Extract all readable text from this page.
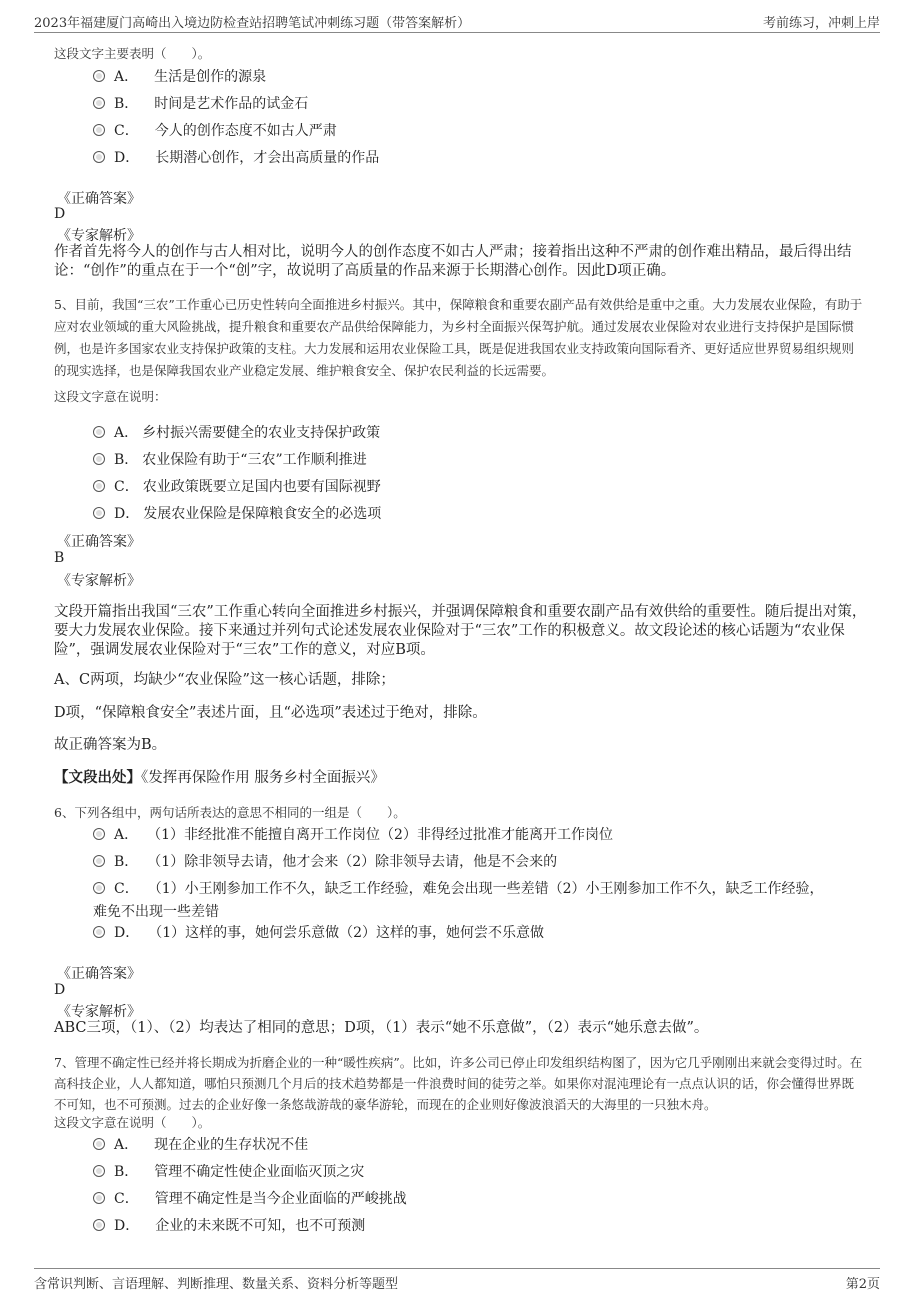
2023年福建厦门高崎出入境边防检查站招聘笔试冲刺练习题（带答案解析）	考前练习，冲刺上岸
这段文字主要表明（　　）。
A． 生活是创作的源泉
B． 时间是艺术作品的试金石
C． 今人的创作态度不如古人严肃
D． 长期潜心创作，才会出高质量的作品
《正确答案》
D
《专家解析》
作者首先将今人的创作与古人相对比，说明今人的创作态度不如古人严肃；接着指出这种不严肃的创作难出精品，最后得出结论：“创作”的重点在于一个“创”字，故说明了高质量的作品来源于长期潜心创作。因此D项正确。
5、目前，我国“三农”工作重心已历史性转向全面推进乡村振兴。其中，保障粮食和重要农副产品有效供给是重中之重。大力发展农业保险，有助于应对农业领域的重大风险挑战，提升粮食和重要农产品供给保障能力，为乡村全面振兴保驾护航。通过发展农业保险对农业进行支持保护是国际惯例，也是许多国家农业支持保护政策的支柱。大力发展和运用农业保险工具，既是促进我国农业支持政策向国际看齐、更好适应世界贸易组织规则的现实选择，也是保障我国农业产业稳定发展、维护粮食安全、保护农民利益的长远需要。
这段文字意在说明：
A． 乡村振兴需要健全的农业支持保护政策
B． 农业保险有助于“三农”工作顺利推进
C． 农业政策既要立足国内也要有国际视野
D． 发展农业保险是保障粮食安全的必选项
《正确答案》
B
《专家解析》
文段开篇指出我国“三农”工作重心转向全面推进乡村振兴，并强调保障粮食和重要农副产品有效供给的重要性。随后提出对策，要大力发展农业保险。接下来通过并列句式论述发展农业保险对于“三农”工作的积极意义。故文段论述的核心话题为“农业保险”，强调发展农业保险对于“三农”工作的意义，对应B项。
A、C两项，均缺少“农业保险”这一核心话题，排除；
D项，“保障粮食安全”表述片面，且“必选项”表述过于绝对，排除。
故正确答案为B。
【文段出处】《发挥再保险作用 服务乡村全面振兴》
6、下列各组中，两句话所表达的意思不相同的一组是（　　）。
A． （1）非经批准不能擅自离开工作岗位（2）非得经过批准才能离开工作岗位
B． （1）除非领导去请，他才会来（2）除非领导去请，他是不会来的
C． （1）小王刚参加工作不久，缺乏工作经验，难免会出现一些差错（2）小王刚参加工作不久，缺乏工作经验，
难免不出现一些差错
D． （1）这样的事，她何尝乐意做（2）这样的事，她何尝不乐意做
《正确答案》
D
《专家解析》
ABC三项，（1）、（2）均表达了相同的意思；D项，（1）表示“她不乐意做”，（2）表示“她乐意去做”。
7、管理不确定性已经并将长期成为折磨企业的一种“暖性疾病”。比如，许多公司已停止印发组织结构图了，因为它几乎刚刚出来就会变得过时。在高科技企业，人人都知道，哪怕只预测几个月后的技术趋势都是一件浪费时间的徒劳之举。如果你对混沌理论有一点点认识的话，你会懂得世界既不可知，也不可预测。过去的企业好像一条悠哉游哉的豪华游轮，而现在的企业则好像波浪滔天的大海里的一只独木舟。
这段文字意在说明（　　）。
A． 现在企业的生存状况不佳
B． 管理不确定性使企业面临灭顶之灾
C． 管理不确定性是当今企业面临的严峻挑战
D． 企业的未来既不可知，也不可预测
含常识判断、言语理解、判断推理、数量关系、资料分析等题型	第2页
